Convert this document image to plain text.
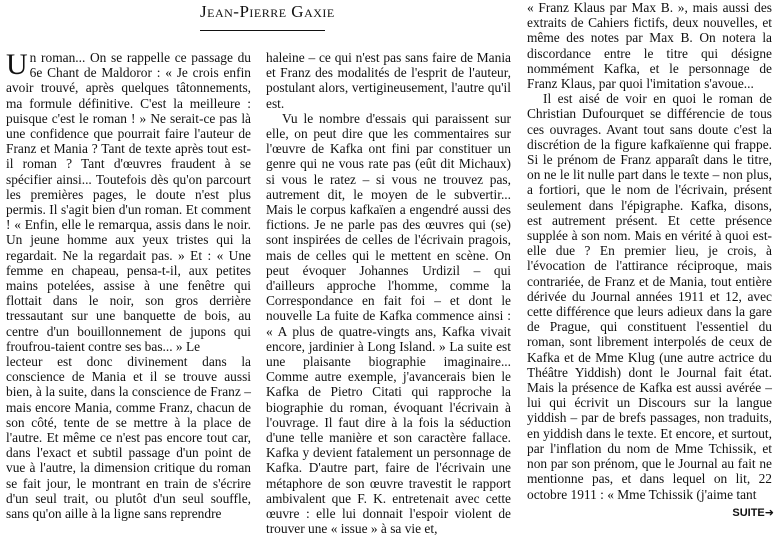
Jean-Pierre Gaxie
U n roman... On se rappelle ce passage du 6e Chant de Maldoror : « Je crois enfin avoir trouvé, après quelques tâtonnements, ma formule définitive. C'est la meilleure : puisque c'est le roman ! » Ne serait-ce pas là une confidence que pourrait faire l'auteur de Franz et Mania ? Tant de texte après tout est-il roman ? Tant d'œuvres fraudent à se spécifier ainsi... Toutefois dès qu'on parcourt les premières pages, le doute n'est plus permis. Il s'agit bien d'un roman. Et comment ! « Enfin, elle le remarqua, assis dans le noir. Un jeune homme aux yeux tristes qui la regardait. Ne la regardait pas. » Et : « Une femme en chapeau, pensa-t-il, aux petites mains potelées, assise à une fenêtre qui flottait dans le noir, son gros derrière tressautant sur une banquette de bois, au centre d'un bouillonnement de jupons qui froufrou-taient contre ses bas... » Le

lecteur est donc divinement dans la conscience de Mania et il se trouve aussi bien, à la suite, dans la conscience de Franz – mais encore Mania, comme Franz, chacun de son côté, tente de se mettre à la place de l'autre. Et même ce n'est pas encore tout car, dans l'exact et subtil passage d'un point de vue à l'autre, la dimension critique du roman se fait jour, le montrant en train de s'écrire d'un seul trait, ou plutôt d'un seul souffle, sans qu'on aille à la ligne sans reprendre

haleine – ce qui n'est pas sans faire de Mania et Franz des modalités de l'esprit de l'auteur, postulant alors, vertigineusement, l'autre qu'il est.

Vu le nombre d'essais qui paraissent sur elle, on peut dire que les commentaires sur l'œuvre de Kafka ont fini par constituer un genre qui ne vous rate pas (eût dit Michaux) si vous le ratez – si vous ne trouvez pas, autrement dit, le moyen de le subvertir... Mais le corpus kafkaïen a engendré aussi des fictions. Je ne parle pas des œuvres qui (se) sont inspirées de celles de l'écrivain pragois, mais de celles qui le mettent en scène. On peut évoquer Johannes Urdizil – qui d'ailleurs approche l'homme, comme la Correspondance en fait foi – et dont le nouvelle La fuite de Kafka commence ainsi : « A plus de quatre-vingts ans, Kafka vivait encore, jardinier à Long Island. » La suite est une plaisante biographie imaginaire... Comme autre exemple, j'avancerais bien le Kafka de Pietro Citati qui rapproche la biographie du roman, évoquant l'écrivain à l'ouvrage. Il faut dire à la fois la séduction d'une telle manière et son caractère fallace. Kafka y devient fatalement un personnage de Kafka. D'autre part, faire de l'écrivain une métaphore de son œuvre travestit le rapport ambivalent que F. K. entretenait avec cette œuvre : elle lui donnait l'espoir violent de trouver une « issue » à sa vie et,

« Franz Klaus par Max B. », mais aussi des extraits de Cahiers fictifs, deux nouvelles, et même des notes par Max B. On notera la discordance entre le titre qui désigne nommément Kafka, et le personnage de Franz Klaus, par quoi l'imitation s'avoue...

Il est aisé de voir en quoi le roman de Christian Dufourquet se différencie de tous ces ouvrages. Avant tout sans doute c'est la discrétion de la figure kafkaïenne qui frappe. Si le prénom de Franz apparaît dans le titre, on ne le lit nulle part dans le texte – non plus, a fortiori, que le nom de l'écrivain, présent seulement dans l'épigraphe. Kafka, disons, est autrement présent. Et cette présence supplée à son nom. Mais en vérité à quoi est-elle due ? En premier lieu, je crois, à l'évocation de l'attirance réciproque, mais contrariée, de Franz et de Mania, tout entière dérivée du Journal années 1911 et 12, avec cette différence que leurs adieux dans la gare de Prague, qui constituent l'essentiel du roman, sont librement interpolés de ceux de Kafka et de Mme Klug (une autre actrice du Théâtre Yiddish) dont le Journal fait état. Mais la présence de Kafka est aussi avérée – lui qui écrivit un Discours sur la langue yiddish – par de brefs passages, non traduits, en yiddish dans le texte. Et encore, et surtout, par l'inflation du nom de Mme Tchissik, et non par son prénom, que le Journal au fait ne mentionne pas, et dans lequel on lit, 22 octobre 1911 : « Mme Tchissik (j'aime tant

SUITE➜
